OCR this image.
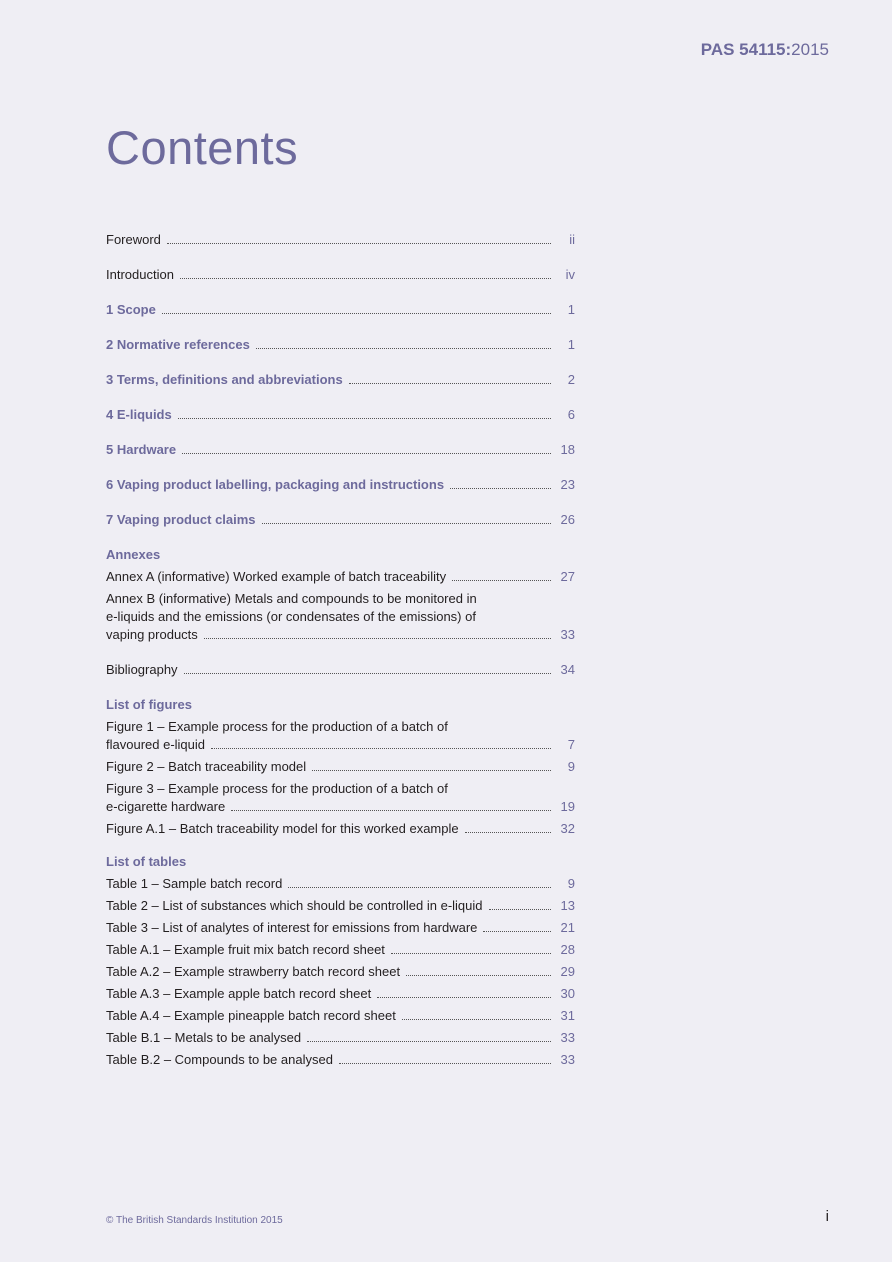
PAS 54115:2015
Contents
Foreword	ii
Introduction	iv
1 Scope	1
2 Normative references	1
3 Terms, definitions and abbreviations	2
4 E-liquids	6
5 Hardware	18
6 Vaping product labelling, packaging and instructions	23
7 Vaping product claims	26
Annexes
Annex A (informative) Worked example of batch traceability	27
Annex B (informative) Metals and compounds to be monitored in
e-liquids and the emissions (or condensates of the emissions) of
vaping products	33
Bibliography	34
List of figures
Figure 1 – Example process for the production of a batch of
flavoured e-liquid	7
Figure 2 – Batch traceability model	9
Figure 3 – Example process for the production of a batch of
e-cigarette hardware	19
Figure A.1 – Batch traceability model for this worked example	32
List of tables
Table 1 – Sample batch record	9
Table 2 – List of substances which should be controlled in e-liquid	13
Table 3 – List of analytes of interest for emissions from hardware	21
Table A.1 – Example fruit mix batch record sheet	28
Table A.2 – Example strawberry batch record sheet	29
Table A.3 – Example apple batch record sheet	30
Table A.4 – Example pineapple batch record sheet	31
Table B.1 – Metals to be analysed	33
Table B.2 – Compounds to be analysed	33
© The British Standards Institution 2015	i
